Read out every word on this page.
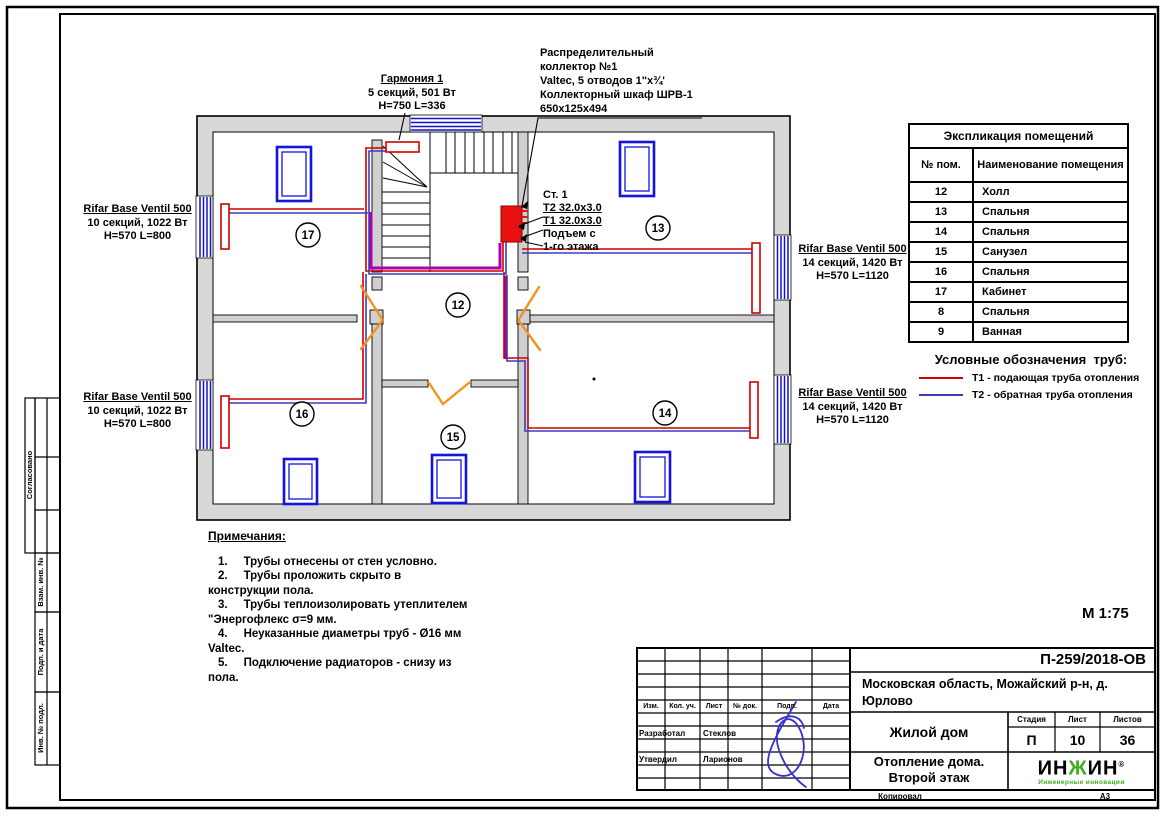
17
12
13
16
15
14
Гармония 1
5 секций, 501 Вт
Н=750 L=336
Распределительный
коллектор №1
Valtec, 5 отводов 1"х¾'
Коллекторный шкаф ШРВ-1
650х125х494
Ст. 1
Т2 32.0х3.0
Т1 32.0х3.0
Подъем с
1-го этажа
Rifar Base Ventil 500
10 секций, 1022 Вт
Н=570 L=800
Rifar Base Ventil 500
10 секций, 1022 Вт
Н=570 L=800
Rifar Base Ventil 500
14 секций, 1420 Вт
Н=570 L=1120
Rifar Base Ventil 500
14 секций, 1420 Вт
Н=570 L=1120
Экспликация помещений	
№ пом.	Наименование помещения
12	Холл
13	Спальня
14	Спальня
15	Санузел
16	Спальня
17	Кабинет
8	Спальня
9	Ванная
Условные обозначения  труб:
Т1 - подающая труба отопления
Т2 - обратная труба отопления
Примечания:
1.     Трубы отнесены от стен условно.
2.     Трубы проложить скрыто в конструкции пола.
3.     Трубы теплоизолировать утеплителем "Энергофлекс σ=9 мм.
4.     Неуказанные диаметры труб - Ø16 мм Valtec.
5.     Подключение радиаторов - снизу из пола.
М 1:75
Согласовано
Взам. инв. №
Подп. и дата
Инв. № подл.	Изм.	Кол. уч.	Лист	№ док.	Подп.	Дата
Разработал Стеклов
Утвердил	Ларионов
П-259/2018-ОВ
Московская область, Можайский р-н, д. Юрлово
Жилой дом
Стадия	Лист	Листов
П	10	36
Отопление дома.
Второй этаж	ИНЖИН®
Инженерные инновации
Копировал	А3
